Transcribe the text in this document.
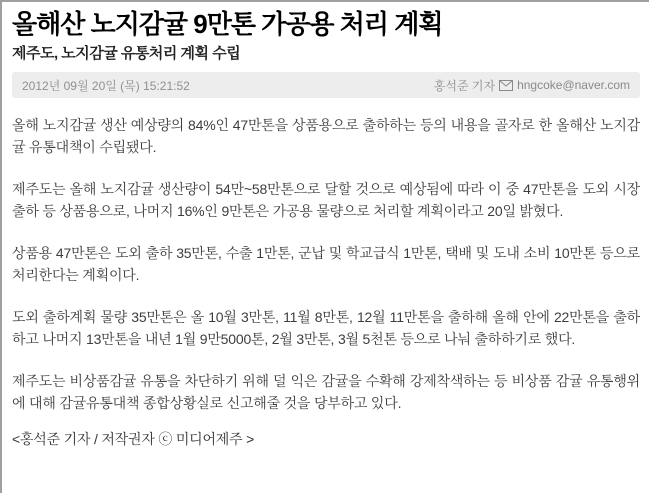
올해산 노지감귤 9만톤 가공용 처리 계획
제주도, 노지감귤 유통처리 계획 수립
2012년 09월 20일 (목) 15:21:52	홍석준 기자 hngcoke@naver.com

올해 노지감귤 생산 예상량의 84%인 47만톤을 상품용으로 출하하는 등의 내용을 골자로 한 올해산 노지감귤 유통대책이 수립됐다.

제주도는 올해 노지감귤 생산량이 54만~58만톤으로 달할 것으로 예상됨에 따라 이 중 47만톤을 도외 시장 출하 등 상품용으로, 나머지 16%인 9만톤은 가공용 물량으로 처리할 계획이라고 20일 밝혔다.

상품용 47만톤은 도외 출하 35만톤, 수출 1만톤, 군납 및 학교급식 1만톤, 택배 및 도내 소비 10만톤 등으로 처리한다는 계획이다.

도외 출하계획 물량 35만톤은 올 10월 3만톤, 11월 8만톤, 12월 11만톤을 출하해 올해 안에 22만톤을 출하하고 나머지 13만톤을 내년 1월 9만5000톤, 2월 3만톤, 3월 5천톤 등으로 나눠 출하하기로 했다.

제주도는 비상품감귤 유통을 차단하기 위해 덜 익은 감귤을 수확해 강제착색하는 등 비상품 감귤 유통행위에 대해 감귤유통대책 종합상황실로 신고해줄 것을 당부하고 있다.

<홍석준 기자 / 저작권자 ⓒ 미디어제주 >
